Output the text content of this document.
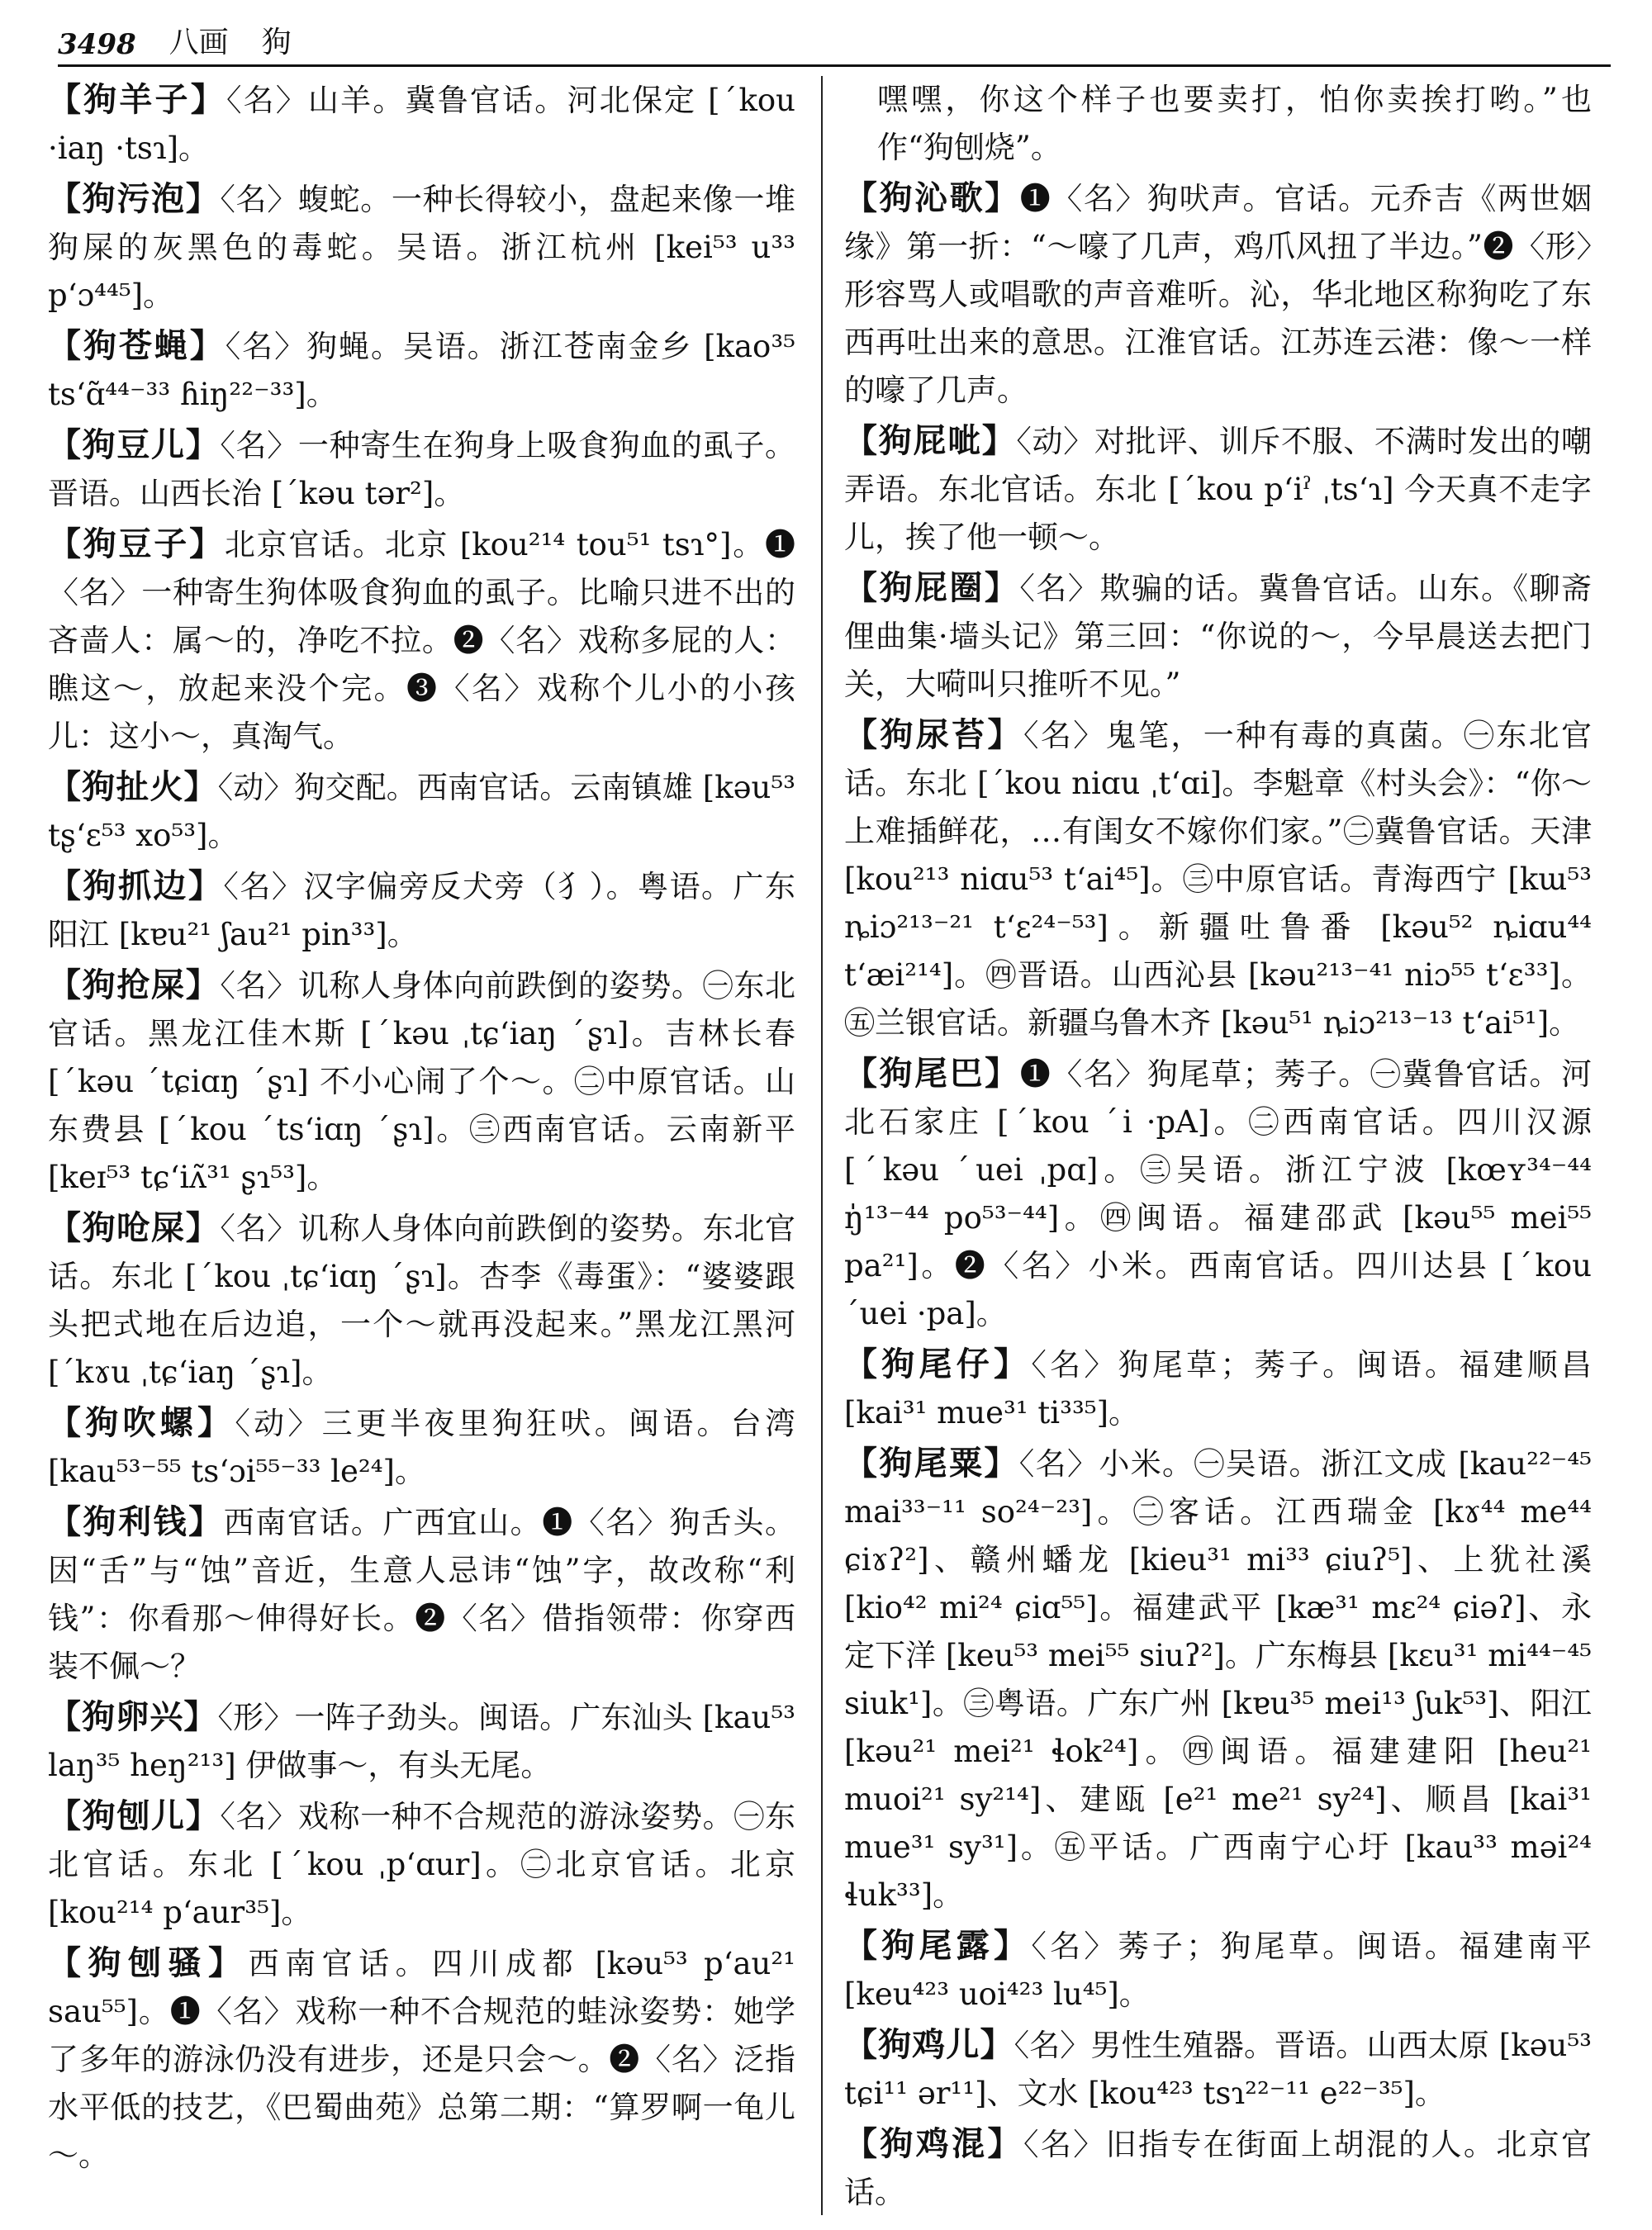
3498 八画 狗

【狗羊子】〈名〉山羊。冀鲁官话。河北保定 [ˊkou ·iaŋ ·tsɿ]。

【狗污泡】〈名〉蝮蛇。一种长得较小，盘起来像一堆狗屎的灰黑色的毒蛇。吴语。浙江杭州 [kei⁵³ u³³ pʻɔ⁴⁴⁵]。

【狗苍蝇】〈名〉狗蝇。吴语。浙江苍南金乡 [kao³⁵ tsʻɑ̃⁴⁴⁻³³ ɦiŋ²²⁻³³]。

【狗豆儿】〈名〉一种寄生在狗身上吸食狗血的虱子。晋语。山西长治 [ˊkəu tər²]。

【狗豆子】北京官话。北京 [kou²¹⁴ tou⁵¹ tsɿ°]。❶〈名〉一种寄生狗体吸食狗血的虱子。比喻只进不出的吝啬人：属～的，净吃不拉。❷〈名〉戏称多屁的人：瞧这～，放起来没个完。❸〈名〉戏称个儿小的小孩儿：这小～，真淘气。

【狗扯火】〈动〉狗交配。西南官话。云南镇雄 [kəu⁵³ tʂʻɛ⁵³ xo⁵³]。

【狗抓边】〈名〉汉字偏旁反犬旁（犭）。粤语。广东阳江 [kɐu²¹ ʃau²¹ pin³³]。

【狗抢屎】〈名〉讥称人身体向前跌倒的姿势。㊀东北官话。黑龙江佳木斯 [ˊkəu ˌtɕʻiaŋ ˊʂɿ]。吉林长春 [ˊkəu ˊtɕiɑŋ ˊʂɿ] 不小心闹了个～。㊁中原官话。山东费县 [ˊkou ˊtsʻiɑŋ ˊʂɿ]。㊂西南官话。云南新平 [keɪ⁵³ tɕʻiʌ̃³¹ ʂɿ⁵³]。

【狗呛屎】〈名〉讥称人身体向前跌倒的姿势。东北官话。东北 [ˊkou ˌtɕʻiɑŋ ˊʂɿ]。杏李《毒蛋》：“婆婆跟头把式地在后边追，一个～就再没起来。”黑龙江黑河 [ˊkɤu ˌtɕʻiaŋ ˊʂɿ]。

【狗吹螺】〈动〉三更半夜里狗狂吠。闽语。台湾 [kau⁵³⁻⁵⁵ tsʻɔi⁵⁵⁻³³ le²⁴]。

【狗利钱】西南官话。广西宜山。❶〈名〉狗舌头。因“舌”与“蚀”音近，生意人忌讳“蚀”字，故改称“利钱”：你看那～伸得好长。❷〈名〉借指领带：你穿西装不佩～？

【狗卵兴】〈形〉一阵子劲头。闽语。广东汕头 [kau⁵³ laŋ³⁵ heŋ²¹³] 伊做事～，有头无尾。

【狗刨儿】〈名〉戏称一种不合规范的游泳姿势。㊀东北官话。东北 [ˊkou ˌpʻɑur]。㊁北京官话。北京 [kou²¹⁴ pʻaur³⁵]。

【狗刨骚】西南官话。四川成都 [kəu⁵³ pʻau²¹ sau⁵⁵]。❶〈名〉戏称一种不合规范的蛙泳姿势：她学了多年的游泳仍没有进步，还是只会～。❷〈名〉泛指水平低的技艺，《巴蜀曲苑》总第二期：“算罗啊一龟儿～。

嘿嘿，你这个样子也要卖打，怕你卖挨打哟。”也作“狗刨烧”。

【狗沁歌】❶〈名〉狗吠声。官话。元乔吉《两世姻缘》第一折：“～嚎了几声，鸡爪风扭了半边。”❷〈形〉形容骂人或唱歌的声音难听。沁，华北地区称狗吃了东西再吐出来的意思。江淮官话。江苏连云港：像～一样的嚎了几声。

【狗屁呲】〈动〉对批评、训斥不服、不满时发出的嘲弄语。东北官话。东北 [ˊkou pʻiˀ ˌtsʻɿ] 今天真不走字儿，挨了他一顿～。

【狗屁圈】〈名〉欺骗的话。冀鲁官话。山东。《聊斋俚曲集·墙头记》第三回：“你说的～，今早晨送去把门关，大嗬叫只推听不见。”

【狗尿苔】〈名〉鬼笔，一种有毒的真菌。㊀东北官话。东北 [ˊkou niɑu ˌtʻɑi]。李魁章《村头会》：“你～上难插鲜花，…有闺女不嫁你们家。”㊁冀鲁官话。天津 [kou²¹³ niɑu⁵³ tʻai⁴⁵]。㊂中原官话。青海西宁 [kɯ⁵³ ȵiɔ²¹³⁻²¹ tʻɛ²⁴⁻⁵³]。新疆吐鲁番 [kəu⁵² ȵiɑu⁴⁴ tʻæi²¹⁴]。㊃晋语。山西沁县 [kəu²¹³⁻⁴¹ niɔ⁵⁵ tʻɛ³³]。㊄兰银官话。新疆乌鲁木齐 [kəu⁵¹ ȵiɔ²¹³⁻¹³ tʻai⁵¹]。

【狗尾巴】❶〈名〉狗尾草；莠子。㊀冀鲁官话。河北石家庄 [ˊkou ˊi ·pA]。㊁西南官话。四川汉源 [ˊkəu ˊuei ˌpɑ]。㊂吴语。浙江宁波 [kœʏ³⁴⁻⁴⁴ ŋ̍¹³⁻⁴⁴ po⁵³⁻⁴⁴]。㊃闽语。福建邵武 [kəu⁵⁵ mei⁵⁵ pa²¹]。❷〈名〉小米。西南官话。四川达县 [ˊkou ˊuei ·pa]。

【狗尾仔】〈名〉狗尾草；莠子。闽语。福建顺昌 [kai³¹ mue³¹ ti³³⁵]。

【狗尾粟】〈名〉小米。㊀吴语。浙江文成 [kau²²⁻⁴⁵ mai³³⁻¹¹ so²⁴⁻²³]。㊁客话。江西瑞金 [kɤ⁴⁴ me⁴⁴ ɕiɤʔ²]、赣州蟠龙 [kieu³¹ mi³³ ɕiuʔ⁵]、上犹社溪 [kio⁴² mi²⁴ ɕiɑ⁵⁵]。福建武平 [kæ³¹ mɛ²⁴ ɕiəʔ]、永定下洋 [keu⁵³ mei⁵⁵ siuʔ²]。广东梅县 [kɛu³¹ mi⁴⁴⁻⁴⁵ siuk¹]。㊂粤语。广东广州 [kɐu³⁵ mei¹³ ʃuk⁵³]、阳江 [kəu²¹ mei²¹ ɬok²⁴]。㊃闽语。福建建阳 [heu²¹ muoi²¹ sy²¹⁴]、建瓯 [e²¹ me²¹ sy²⁴]、顺昌 [kai³¹ mue³¹ sy³¹]。㊄平话。广西南宁心圩 [kau³³ məi²⁴ ɬuk³³]。

【狗尾露】〈名〉莠子；狗尾草。闽语。福建南平 [keu⁴²³ uoi⁴²³ lu⁴⁵]。

【狗鸡儿】〈名〉男性生殖器。晋语。山西太原 [kəu⁵³ tɕi¹¹ ər¹¹]、文水 [kou⁴²³ tsɿ²²⁻¹¹ e²²⁻³⁵]。

【狗鸡混】〈名〉旧指专在街面上胡混的人。北京官话。
